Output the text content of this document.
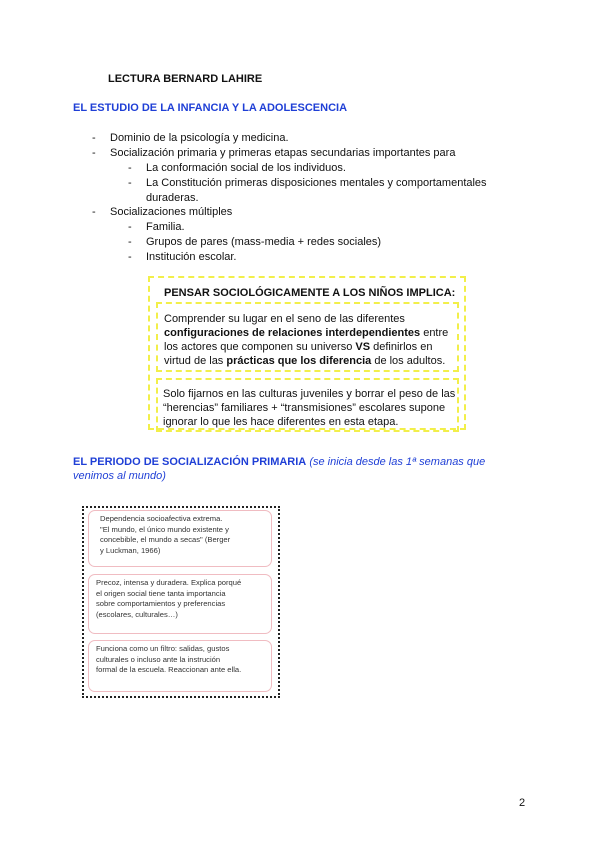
LECTURA BERNARD LAHIRE
EL ESTUDIO DE LA INFANCIA Y LA ADOLESCENCIA
- Dominio de la psicología y medicina.
- Socialización primaria y primeras etapas secundarias importantes para
- La conformación social de los individuos.
- La Constitución primeras disposiciones mentales y comportamentales
duraderas.
- Socializaciones múltiples
- Familia.
- Grupos de pares (mass-media + redes sociales)
- Institución escolar.
PENSAR SOCIOLÓGICAMENTE A LOS NIÑOS IMPLICA:
Comprender su lugar en el seno de las diferentes
configuraciones de relaciones interdependientes entre
los actores que componen su universo VS definirlos en
virtud de las prácticas que los diferencia de los adultos.
Solo fijarnos en las culturas juveniles y borrar el peso de las
“herencias” familiares + “transmisiones” escolares supone
ignorar lo que les hace diferentes en esta etapa.
EL PERIODO DE SOCIALIZACIÓN PRIMARIA (se inicia desde las 1ª semanas que venimos al mundo)
Dependencia socioafectiva extrema.
"El mundo, el único mundo existente y
concebible, el mundo a secas" (Berger
y Luckman, 1966)
Precoz, intensa y duradera. Explica porqué
el origen social tiene tanta importancia
sobre comportamientos y preferencias
(escolares, culturales…)
Funciona como un filtro: salidas, gustos
culturales o incluso ante la instrución
formal de la escuela. Reaccionan ante ella.
2
